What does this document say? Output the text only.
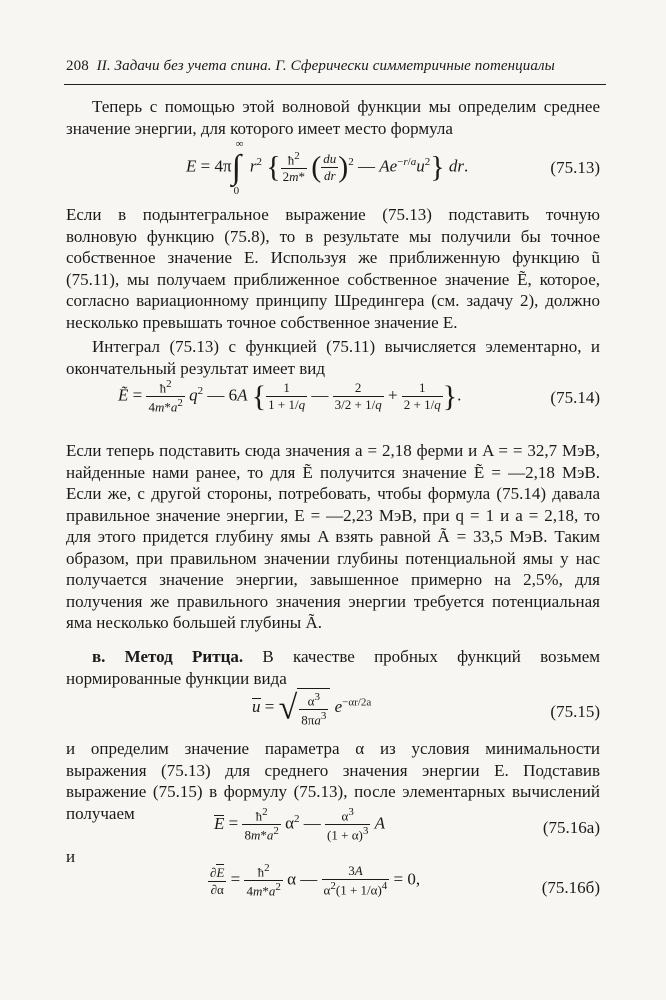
208 II. Задачи без учета спина. Г. Сферически симметричные потенциалы
Теперь с помощью этой волновой функции мы определим среднее значение энергии, для которого имеет место формула
E = 4π∫
∞
0
$r^2$ { $\frac{ħ^2}{2m*}$ ( $\frac{du}{dr} )^2$ — $Ae^{-r/a}u^2$} dr.	(75.13)
Если в подынтегральное выражение (75.13) подставить точную волновую функцию (75.8), то в результате мы получили бы точное собственное значение E. Используя же приближенную функцию ũ (75.11), мы получаем приближенное собственное значение Ẽ, которое, согласно вариационному принципу Шредингера (см. задачу 2), должно несколько превышать точное собственное значение E.
Интеграл (75.13) с функцией (75.11) вычисляется элементарно, и окончательный результат имеет вид
Ẽ = $\frac{ħ^2}{4m*a^2} q^2$ — 6A { $\frac{1}{1 + 1/q}$ — $\frac{2}{3/2 + 1/q} + \frac{1}{2 + 1/q}$ }.	(75.14)
Если теперь подставить сюда значения a = 2,18 ферми и A = = 32,7 МэВ, найденные нами ранее, то для Ẽ получится значение Ẽ = —2,18 МэВ. Если же, с другой стороны, потребовать, чтобы формула (75.14) давала правильное значение энергии, E = —2,23 МэВ, при q = 1 и a = 2,18, то для этого придется глубину ямы A взять равной Ã = 33,5 МэВ. Таким образом, при правильном значении глубины потенциальной ямы у нас получается значение энергии, завышенное примерно на 2,5%, для получения же правильного значения энергии требуется потенциальная яма несколько большей глубины Ã.
в. Метод Ритца. В качестве пробных функций возьмем нормированные функции вида
u = √ $\frac{\alpha^3}{8\pi a^3} e^{-\alpha r/2a}$	(75.15)
и определим значение параметра α из условия минимальности выражения (75.13) для среднего значения энергии E. Подставив выражение (75.15) в формулу (75.13), после элементарных вычислений получаем
$E = \frac{ħ^2}{8m*a^2} \alpha^2$ — $\frac{\alpha^3}{(1 + \alpha)^3}$ A	(75.16а)
и
$\frac{\partial E}{\partial\alpha} = \frac{ħ^2}{4m*a^2}$ α — $\frac{3A}{\alpha^2(1 + 1/\alpha)^4} = 0$,	(75.16б)
